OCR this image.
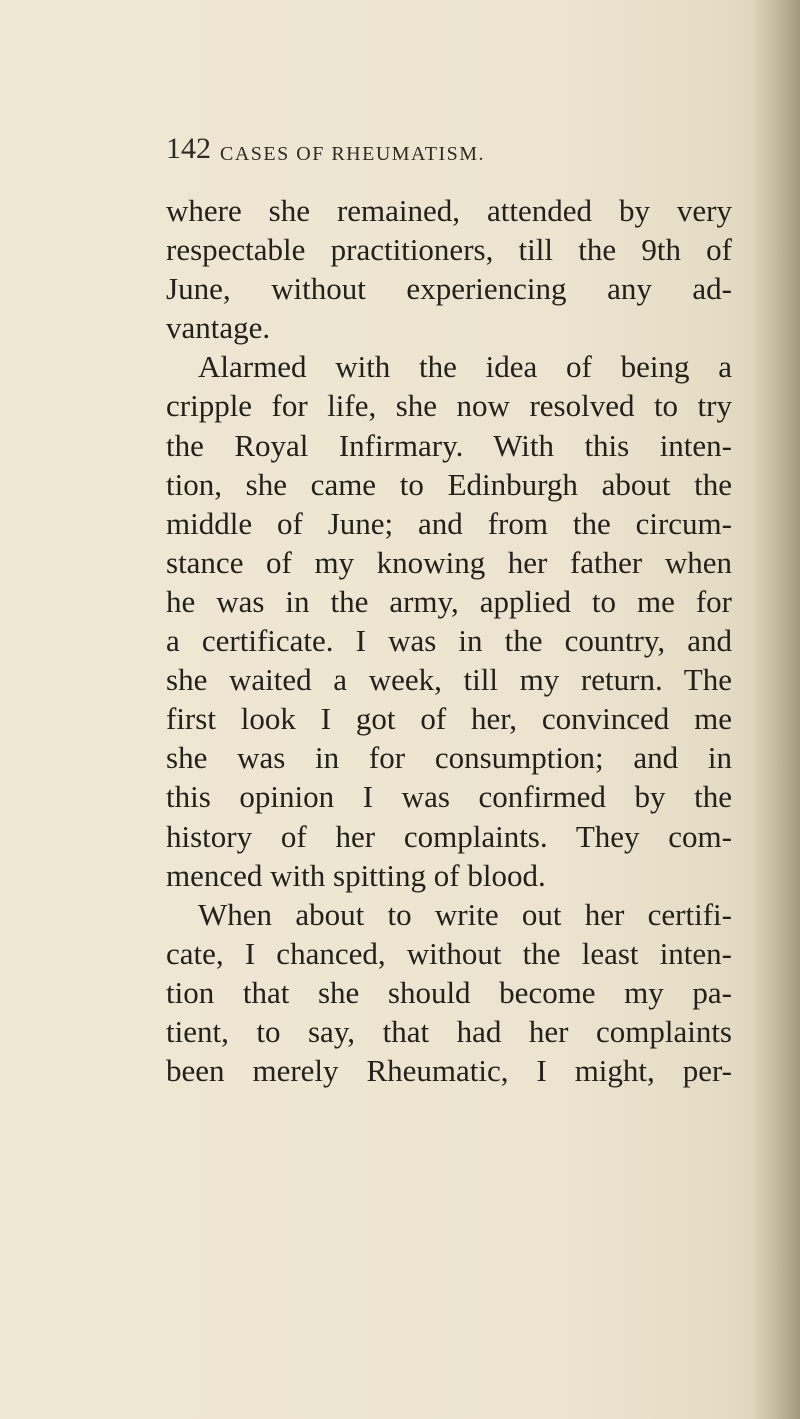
142 CASES OF RHEUMATISM.
where she remained, attended by very
respectable practitioners, till the 9th of
June, without experiencing any ad-
vantage.
Alarmed with the idea of being a
cripple for life, she now resolved to try
the Royal Infirmary. With this inten-
tion, she came to Edinburgh about the
middle of June; and from the circum-
stance of my knowing her father when
he was in the army, applied to me for
a certificate. I was in the country, and
she waited a week, till my return. The
first look I got of her, convinced me
she was in for consumption; and in
this opinion I was confirmed by the
history of her complaints. They com-
menced with spitting of blood.
When about to write out her certifi-
cate, I chanced, without the least inten-
tion that she should become my pa-
tient, to say, that had her complaints
been merely Rheumatic, I might, per-
